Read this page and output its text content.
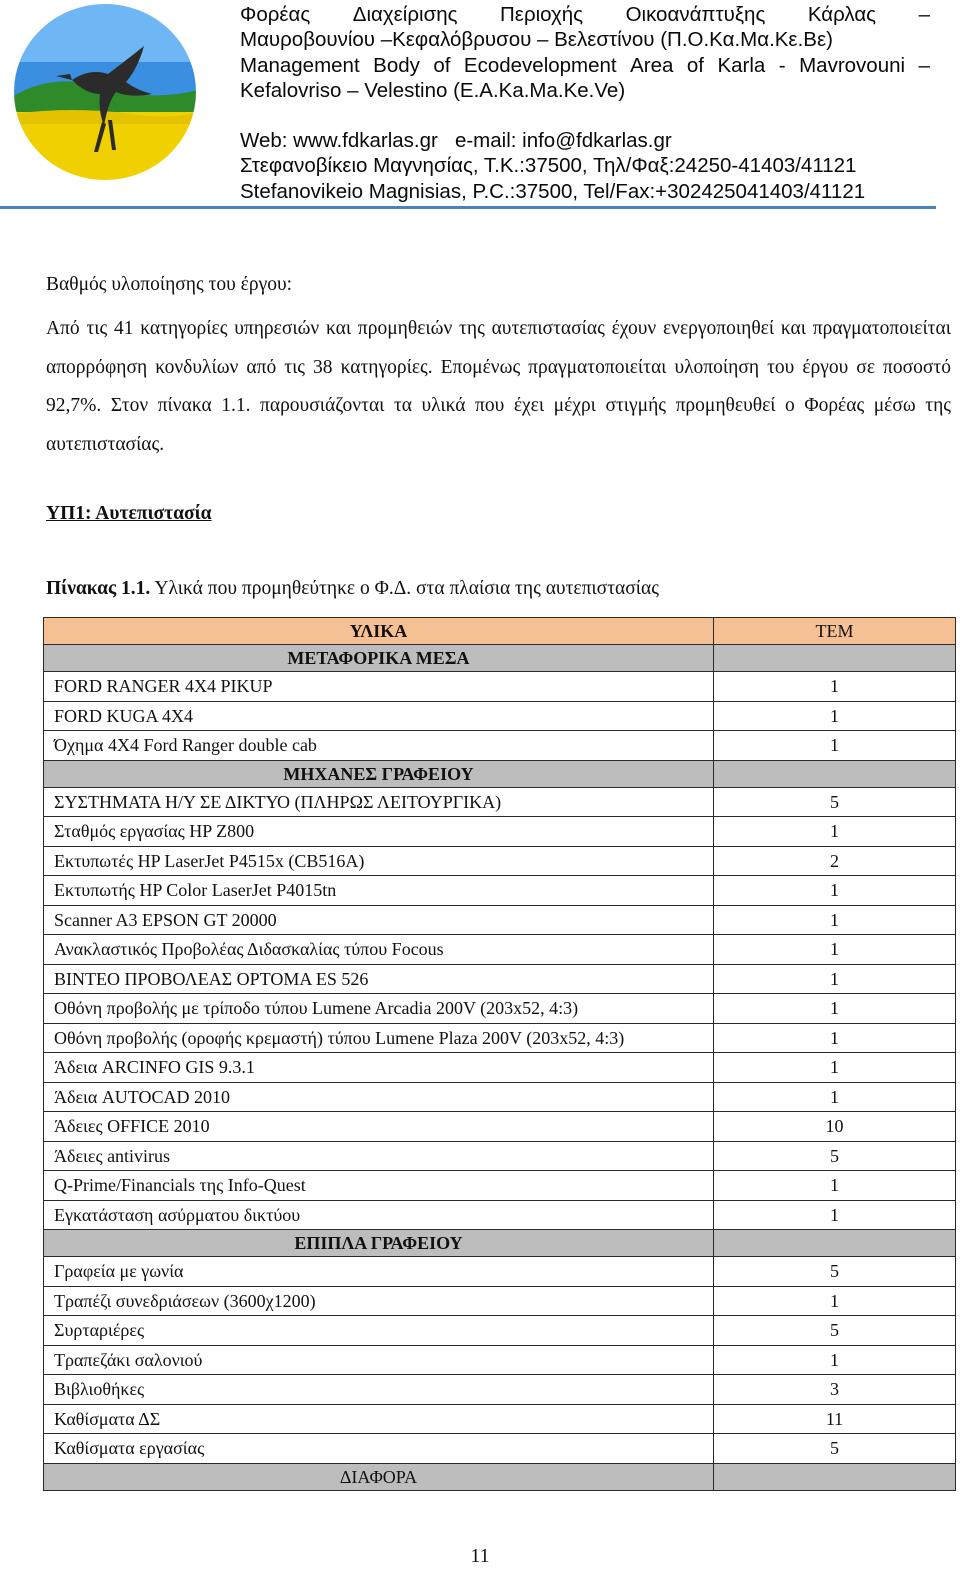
Φορέας Διαχείρισης Περιοχής Οικοανάπτυξης Κάρλας –
Μαυροβουνίου –Κεφαλόβρυσου – Βελεστίνου (Π.Ο.Κα.Μα.Κε.Βε)
Management Body of Ecodevelopment Area of Karla - Mavrovouni –
Kefalovriso – Velestino (E.A.Ka.Ma.Ke.Ve)
Web: www.fdkarlas.gr   e-mail: info@fdkarlas.gr
Στεφανοβίκειο Μαγνησίας, Τ.Κ.:37500, Τηλ/Φαξ:24250-41403/41121
Stefanovikeio Magnisias, P.C.:37500, Tel/Fax:+302425041403/41121
Βαθμός υλοποίησης του έργου:
Από τις 41 κατηγορίες υπηρεσιών και προμηθειών της αυτεπιστασίας έχουν ενεργοποιηθεί και πραγματοποιείται απορρόφηση κονδυλίων από τις 38 κατηγορίες. Επομένως πραγματοποιείται υλοποίηση του έργου σε ποσοστό 92,7%. Στον πίνακα 1.1. παρουσιάζονται τα υλικά που έχει μέχρι στιγμής προμηθευθεί ο Φορέας μέσω της αυτεπιστασίας.
ΥΠ1: Αυτεπιστασία
Πίνακας 1.1. Υλικά που προμηθεύτηκε ο Φ.Δ. στα πλαίσια της αυτεπιστασίας
ΥΛΙΚΑ	ΤΕΜ
ΜΕΤΑΦΟΡΙΚΑ ΜΕΣΑ	
FORD RANGER 4X4 PIKUP	1
FORD KUGA 4X4	1
Όχημα 4Χ4 Ford Ranger double cab	1
ΜΗΧΑΝΕΣ ΓΡΑΦΕΙΟΥ	
ΣΥΣΤΗΜΑΤΑ Η/Υ ΣΕ ΔΙΚΤΥΟ (ΠΛΗΡΩΣ ΛΕΙΤΟΥΡΓΙΚΑ)	5
Σταθμός εργασίας HP Z800	1
Εκτυπωτές HP LaserJet P4515x (CB516A)	2
Εκτυπωτής HP Color LaserJet P4015tn	1
Scanner A3 EPSON GT 20000	1
Ανακλαστικός Προβολέας Διδασκαλίας τύπου Focous	1
ΒΙΝΤΕΟ ΠΡΟΒΟΛΕΑΣ OPTOMA ES 526	1
Οθόνη προβολής με τρίποδο τύπου Lumene Arcadia 200V (203x52, 4:3)	1
Οθόνη προβολής (οροφής κρεμαστή) τύπου Lumene Plaza 200V (203x52, 4:3)	1
Άδεια ARCINFO GIS 9.3.1	1
Άδεια AUTOCAD 2010	1
Άδειες OFFICE 2010	10
Άδειες antivirus	5
Q-Prime/Financials της Info-Quest	1
Εγκατάσταση ασύρματου δικτύου	1
ΕΠΙΠΛΑ ΓΡΑΦΕΙΟΥ	
Γραφεία με γωνία	5
Τραπέζι συνεδριάσεων (3600χ1200)	1
Συρταριέρες	5
Τραπεζάκι σαλονιού	1
Βιβλιοθήκες	3
Καθίσματα ΔΣ	11
Καθίσματα εργασίας	5
ΔΙΑΦΟΡΑ	
11
